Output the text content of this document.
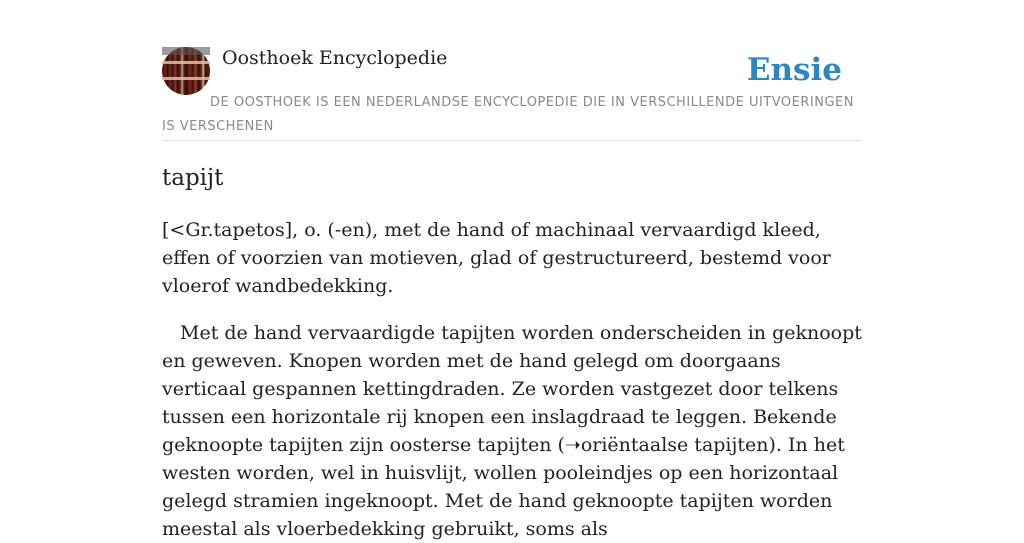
Oosthoek Encyclopedie	Ensie
DE OOSTHOEK IS EEN NEDERLANDSE ENCYCLOPEDIE DIE IN VERSCHILLENDE UITVOERINGEN IS VERSCHENEN
tapijt

[<Gr.tapetos], o. (-en), met de hand of machinaal vervaardigd kleed, effen of voorzien van motieven, glad of gestructureerd, bestemd voor vloerof wandbedekking.

Met de hand vervaardigde tapijten worden onderscheiden in geknoopt en geweven. Knopen worden met de hand gelegd om doorgaans verticaal gespannen kettingdraden. Ze worden vastgezet door telkens tussen een horizontale rij knopen een inslagdraad te leggen. Bekende geknoopte tapijten zijn oosterse tapijten (➝oriëntaalse tapijten). In het westen worden, wel in huisvlijt, wollen pooleindjes op een horizontaal gelegd stramien ingeknoopt. Met de hand geknoopte tapijten worden meestal als vloerbedekking gebruikt, soms als
